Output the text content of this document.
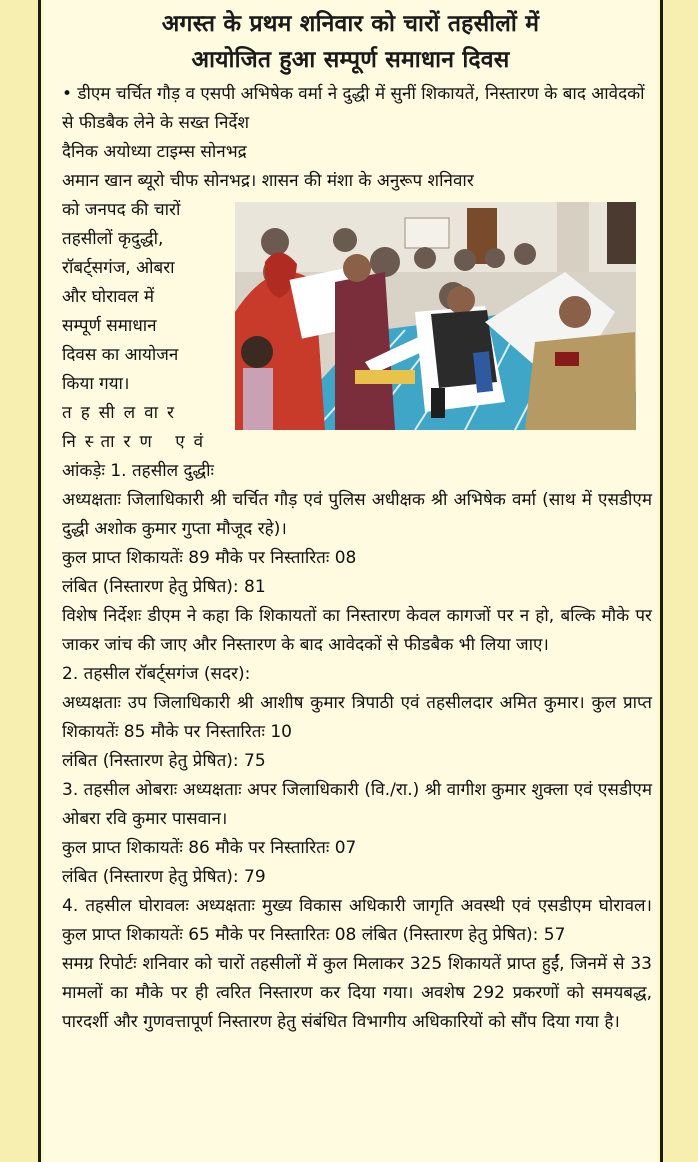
अगस्त के प्रथम शनिवार को चारों तहसीलों में
आयोजित हुआ सम्पूर्ण समाधान दिवस

• डीएम चर्चित गौड़ व एसपी अभिषेक वर्मा ने दुद्धी में सुनीं शिकायतें, निस्तारण के बाद आवेदकों से फीडबैक लेने के सख्त निर्देश

दैनिक अयोध्या टाइम्स सोनभद्र

अमान खान ब्यूरो चीफ सोनभद्र। शासन की मंशा के अनुरूप शनिवार

को जनपद की चारों

तहसीलों कृदुद्धी,

रॉबर्ट्सगंज, ओबरा

और घोरावल में

सम्पूर्ण समाधान

दिवस का आयोजन

किया गया।

तहसीलवार

निस्तारण एवं

आंकड़ेः 1. तहसील दुद्धीः

अध्यक्षताः जिलाधिकारी श्री चर्चित गौड़ एवं पुलिस अधीक्षक श्री अभिषेक वर्मा (साथ में एसडीएम दुद्धी अशोक कुमार गुप्ता मौजूद रहे)।

कुल प्राप्त शिकायतेंः 89 मौके पर निस्तारितः 08

लंबित (निस्तारण हेतु प्रेषित): 81

विशेष निर्देशः डीएम ने कहा कि शिकायतों का निस्तारण केवल कागजों पर न हो, बल्कि मौके पर जाकर जांच की जाए और निस्तारण के बाद आवेदकों से फीडबैक भी लिया जाए।

2. तहसील रॉबर्ट्सगंज (सदर):

अध्यक्षताः उप जिलाधिकारी श्री आशीष कुमार त्रिपाठी एवं तहसीलदार अमित कुमार। कुल प्राप्त शिकायतेंः 85 मौके पर निस्तारितः 10

लंबित (निस्तारण हेतु प्रेषित): 75

3. तहसील ओबराः अध्यक्षताः अपर जिलाधिकारी (वि./रा.) श्री वागीश कुमार शुक्ला एवं एसडीएम ओबरा रवि कुमार पासवान।

कुल प्राप्त शिकायतेंः 86 मौके पर निस्तारितः 07

लंबित (निस्तारण हेतु प्रेषित): 79

4. तहसील घोरावलः अध्यक्षताः मुख्य विकास अधिकारी जागृति अवस्थी एवं एसडीएम घोरावल।कुल प्राप्त शिकायतेंः 65 मौके पर निस्तारितः 08 लंबित (निस्तारण हेतु प्रेषित): 57

समग्र रिपोर्टः शनिवार को चारों तहसीलों में कुल मिलाकर 325 शिकायतें प्राप्त हुईं, जिनमें से 33 मामलों का मौके पर ही त्वरित निस्तारण कर दिया गया। अवशेष 292 प्रकरणों को समयबद्ध, पारदर्शी और गुणवत्तापूर्ण निस्तारण हेतु संबंधित विभागीय अधिकारियों को सौंप दिया गया है।
